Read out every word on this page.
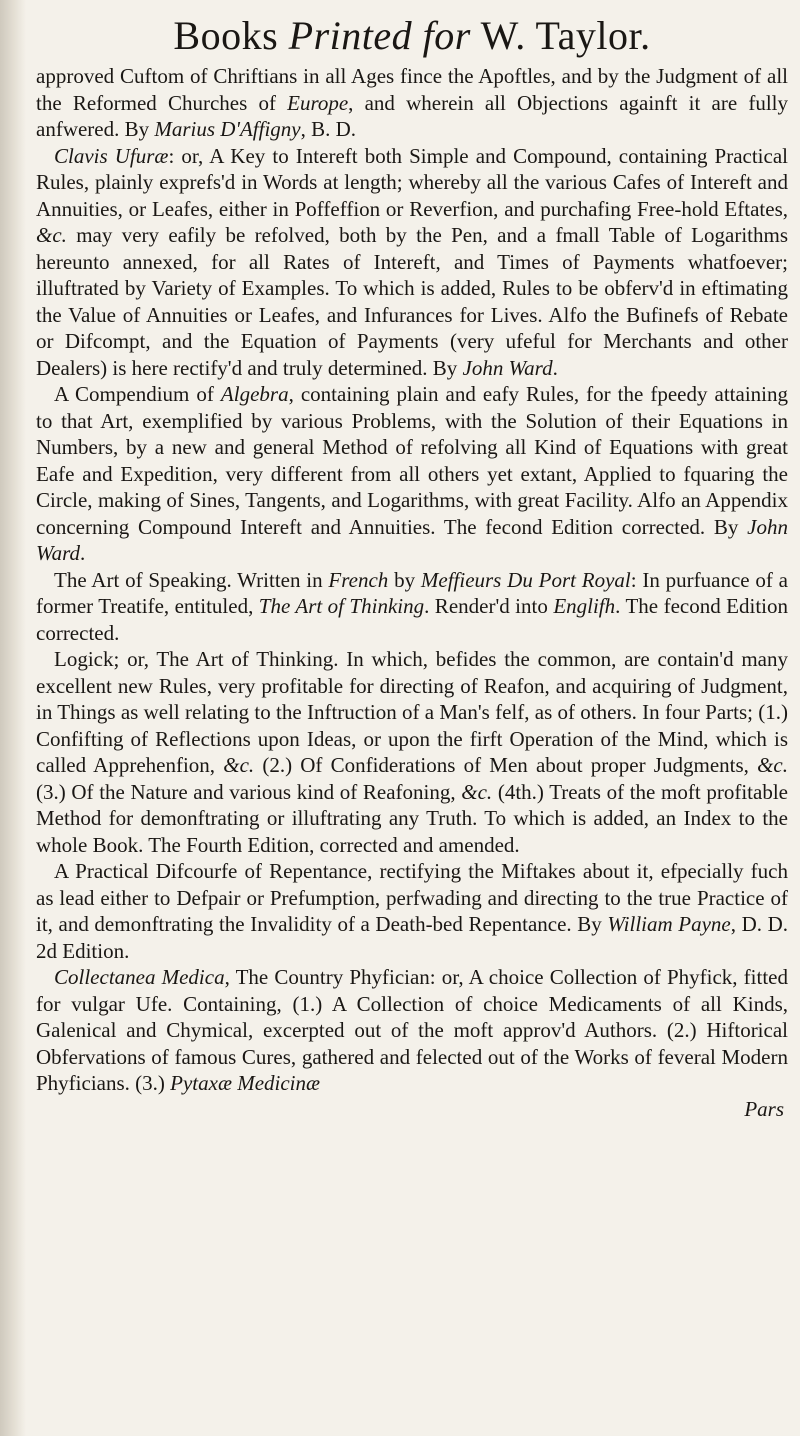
Books Printed for W. Taylor.

approved Cuftom of Chriftians in all Ages fince the Apoftles, and by the Judgment of all the Reformed Churches of Europe, and wherein all Objections againft it are fully anfwered. By Marius D'Affigny, B. D.

Clavis Ufuræ: or, A Key to Intereft both Simple and Compound, containing Practical Rules, plainly exprefs'd in Words at length; whereby all the various Cafes of Intereft and Annuities, or Leafes, either in Poffeffion or Reverfion, and purchafing Free-hold Eftates, &c. may very eafily be refolved, both by the Pen, and a fmall Table of Logarithms hereunto annexed, for all Rates of Intereft, and Times of Payments whatfoever; illuftrated by Variety of Examples. To which is added, Rules to be obferv'd in eftimating the Value of Annuities or Leafes, and Infurances for Lives. Alfo the Bufinefs of Rebate or Difcompt, and the Equation of Payments (very ufeful for Merchants and other Dealers) is here rectify'd and truly determined. By John Ward.

A Compendium of Algebra, containing plain and eafy Rules, for the fpeedy attaining to that Art, exemplified by various Problems, with the Solution of their Equations in Numbers, by a new and general Method of refolving all Kind of Equations with great Eafe and Expedition, very different from all others yet extant, Applied to fquaring the Circle, making of Sines, Tangents, and Logarithms, with great Facility. Alfo an Appendix concerning Compound Intereft and Annuities. The fecond Edition corrected. By John Ward.

The Art of Speaking. Written in French by Meffieurs Du Port Royal: In purfuance of a former Treatife, entituled, The Art of Thinking. Render'd into Englifh. The fecond Edition corrected.

Logick; or, The Art of Thinking. In which, befides the common, are contain'd many excellent new Rules, very profitable for directing of Reafon, and acquiring of Judgment, in Things as well relating to the Inftruction of a Man's felf, as of others. In four Parts; (1.) Confifting of Reflections upon Ideas, or upon the firft Operation of the Mind, which is called Apprehenfion, &c. (2.) Of Confiderations of Men about proper Judgments, &c. (3.) Of the Nature and various kind of Reafoning, &c. (4th.) Treats of the moft profitable Method for demonftrating or illuftrating any Truth. To which is added, an Index to the whole Book. The Fourth Edition, corrected and amended.

A Practical Difcourfe of Repentance, rectifying the Miftakes about it, efpecially fuch as lead either to Defpair or Prefumption, perfwading and directing to the true Practice of it, and demonftrating the Invalidity of a Death-bed Repentance. By William Payne, D. D. 2d Edition.

Collectanea Medica, The Country Phyfician: or, A choice Collection of Phyfick, fitted for vulgar Ufe. Containing, (1.) A Collection of choice Medicaments of all Kinds, Galenical and Chymical, excerpted out of the moft approv'd Authors. (2.) Hiftorical Obfervations of famous Cures, gathered and felected out of the Works of feveral Modern Phyficians. (3.) Pytaxæ Medicinæ

Pars
